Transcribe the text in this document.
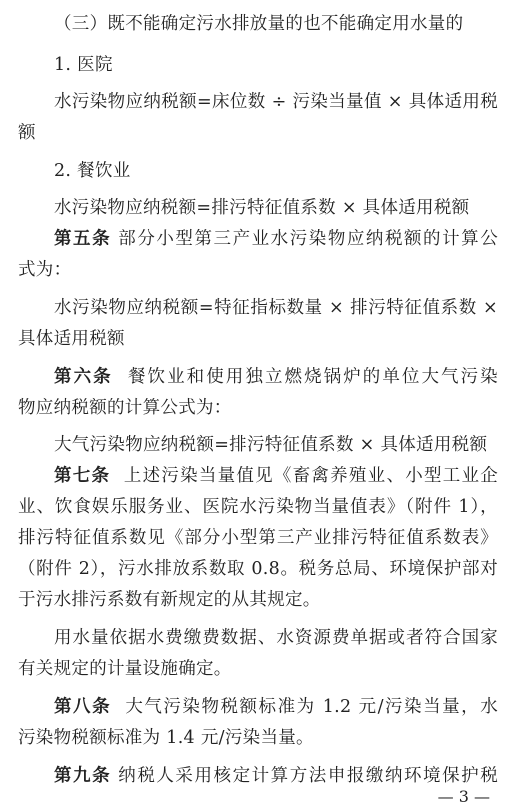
（三）既不能确定污水排放量的也不能确定用水量的
1. 医院
水污染物应纳税额=床位数 ÷ 污染当量值 × 具体适用税
额
2. 餐饮业
水污染物应纳税额=排污特征值系数 × 具体适用税额
第五条 部分小型第三产业水污染物应纳税额的计算公
式为：
水污染物应纳税额=特征指标数量 × 排污特征值系数 ×
具体适用税额
第六条 餐饮业和使用独立燃烧锅炉的单位大气污染
物应纳税额的计算公式为：
大气污染物应纳税额=排污特征值系数 × 具体适用税额
第七条 上述污染当量值见《畜禽养殖业、小型工业企
业、饮食娱乐服务业、医院水污染物当量值表》（附件 1），
排污特征值系数见《部分小型第三产业排污特征值系数表》
（附件 2），污水排放系数取 0.8。税务总局、环境保护部对
于污水排污系数有新规定的从其规定。
用水量依据水费缴费数据、水资源费单据或者符合国家
有关规定的计量设施确定。
第八条 大气污染物税额标准为 1.2 元/污染当量，水
污染物税额标准为 1.4 元/污染当量。
第九条 纳税人采用核定计算方法申报缴纳环境保护税
— 3 —
